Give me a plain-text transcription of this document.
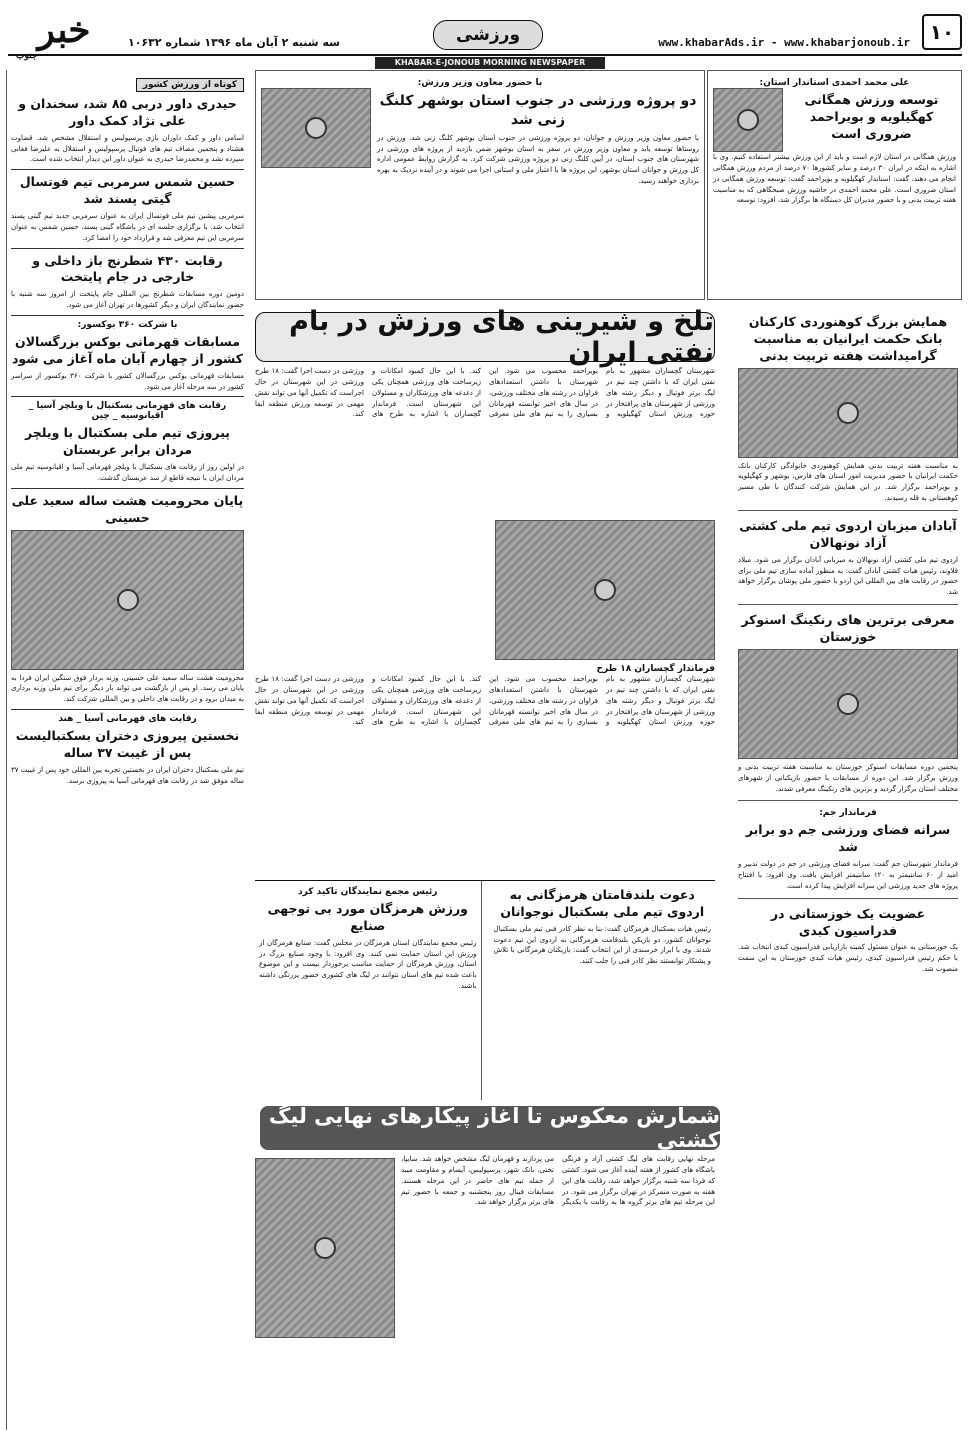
۱۰
www.khabarAds.ir - www.khabarjonoub.ir
ورزشی
سه شنبه ۲ آبان ماه ۱۳۹۶ شماره ۱۰۶۳۲
خبر
جنوب
KHABAR-E-JONOUB MORNING NEWSPAPER
علی محمد احمدی استاندار استان:
توسعه ورزش همگانی کهگیلویه و بویراحمد ضروری است
ورزش همگانی در استان لازم است و باید از این ورزش بیشتر استفاده کنیم. وی با اشاره به اینکه در ایران ۳۰ درصد و سایر کشورها ۷۰ درصد از مردم ورزش همگانی انجام می دهند، گفت: استاندار کهگیلویه و بویراحمد گفت: توسعه ورزش همگانی در استان ضروری است. علی محمد احمدی در حاشیه ورزش صبحگاهی که به مناسبت هفته تربیت بدنی و با حضور مدیران کل دستگاه ها برگزار شد، افزود: توسعه
با حضور معاون وزیر ورزش:
دو پروژه ورزشی در جنوب استان بوشهر کلنگ زنی شد
با حضور معاون وزیر ورزش و جوانان، دو پروژه ورزشی در جنوب استان بوشهر کلنگ زنی شد. ورزش در روستاها توسعه یابد و معاون وزیر ورزش در سفر به استان بوشهر ضمن بازدید از پروژه های ورزشی در شهرستان های جنوب استان، در آیین کلنگ زنی دو پروژه ورزشی شرکت کرد. به گزارش روابط عمومی اداره کل ورزش و جوانان استان بوشهر، این پروژه ها با اعتبار ملی و استانی اجرا می شوند و در آینده نزدیک به بهره برداری خواهند رسید.
کوتاه از ورزش کشور
حیدری داور دربی ۸۵ شد، سخندان و علی نژاد کمک داور
اسامی داور و کمک داوران بازی پرسپولیس و استقلال مشخص شد. قضاوت هشتاد و پنجمین مصاف تیم های فوتبال پرسپولیس و استقلال به علیرضا فغانی سپرده نشد و محمدرضا حیدری به عنوان داور این دیدار انتخاب شده است.
حسین شمس سرمربی تیم فوتسال گیتی پسند شد
سرمربی پیشین تیم ملی فوتسال ایران به عنوان سرمربی جدید تیم گیتی پسند انتخاب شد. با برگزاری جلسه ای در باشگاه گیتی پسند، حسین شمس به عنوان سرمربی این تیم معرفی شد و قرارداد خود را امضا کرد.
رقابت ۴۳۰ شطرنج باز داخلی و خارجی در جام پایتخت
دومین دوره مسابقات شطرنج بین المللی جام پایتخت از امروز سه شنبه با حضور نمایندگان ایران و دیگر کشورها در تهران آغاز می شود.
با شرکت ۳۶۰ بوکسور:
مسابقات قهرمانی بوکس بزرگسالان کشور از چهارم آبان ماه آغاز می شود
مسابقات قهرمانی بوکس بزرگسالان کشور با شرکت ۳۶۰ بوکسور از سراسر کشور در سه مرحله آغاز می شود.
رقابت های قهرمانی بسکتبال با ویلچر آسیا _ اقیانوسیه _ چین
پیروزی تیم ملی بسکتبال با ویلچر مردان برابر عربستان
در اولین روز از رقابت های بسکتبال با ویلچر قهرمانی آسیا و اقیانوسیه تیم ملی مردان ایران با نتیجه قاطع از سد عربستان گذشت.
پایان محرومیت هشت ساله سعید علی حسینی
محرومیت هشت ساله سعید علی حسینی، وزنه بردار فوق سنگین ایران فردا به پایان می رسد. او پس از بازگشت می تواند بار دیگر برای تیم ملی وزنه برداری به میدان برود و در رقابت های داخلی و بین المللی شرکت کند.
رقابت های قهرمانی آسیا _ هند
نخستین پیروزی دختران بسکتبالیست پس از غیبت ۳۷ ساله
تیم ملی بسکتبال دختران ایران در نخستین تجربه بین المللی خود پس از غیبت ۳۷ ساله موفق شد در رقابت های قهرمانی آسیا به پیروزی برسد.
همایش بزرگ کوهنوردی کارکنان بانک حکمت ایرانیان به مناسبت گرامیداشت هفته تربیت بدنی
به مناسبت هفته تربیت بدنی همایش کوهنوردی خانوادگی کارکنان بانک حکمت ایرانیان با حضور مدیریت امور استان های فارس، بوشهر و کهگیلویه و بویراحمد برگزار شد. در این همایش شرکت کنندگان با طی مسیر کوهستانی به قله رسیدند.
آبادان میزبان اردوی تیم ملی کشتی آزاد نونهالان
اردوی تیم ملی کشتی آزاد نونهالان به میزبانی آبادان برگزار می شود. میلاد قلاوند، رئیس هیات کشتی آبادان گفت: به منظور آماده سازی تیم ملی برای حضور در رقابت های بین المللی این اردو با حضور ملی پوشان برگزار خواهد شد.
معرفی برترین های رنکینگ اسنوکر خوزستان
پنجمین دوره مسابقات اسنوکر خوزستان به مناسبت هفته تربیت بدنی و ورزش برگزار شد. این دوره از مسابقات با حضور بازیکنانی از شهرهای مختلف استان برگزار گردید و برترین های رنکینگ معرفی شدند.
فرماندار جم:
سرانه فضای ورزشی جم دو برابر شد
فرماندار شهرستان جم گفت: سرانه فضای ورزشی در جم در دولت تدبیر و امید از ۶۰ سانتیمتر به ۱۲۰ سانتیمتر افزایش یافت. وی افزود: با افتتاح پروژه های جدید ورزشی این سرانه افزایش پیدا کرده است.
عضویت یک خوزستانی در فدراسیون کبدی
یک خوزستانی به عنوان مسئول کمیته بازاریابی فدراسیون کبدی انتخاب شد. با حکم رئیس فدراسیون کبدی، رئیس هیات کبدی خوزستان به این سمت منصوب شد.
تلخ و شیرینی های ورزش در بام نفتی ایران
شهرستان گچساران مشهور به بام نفتی ایران که با داشتن چند تیم در لیگ برتر فوتبال و دیگر رشته های ورزشی از شهرستان های پرافتخار در حوزه ورزش استان کهگیلویه و بویراحمد محسوب می شود. این شهرستان با داشتن استعدادهای فراوان در رشته های مختلف ورزشی، در سال های اخیر توانسته قهرمانان بسیاری را به تیم های ملی معرفی کند. با این حال کمبود امکانات و زیرساخت های ورزشی همچنان یکی از دغدغه های ورزشکاران و مسئولان این شهرستان است. فرماندار گچساران با اشاره به طرح های ورزشی در دست اجرا گفت: ۱۸ طرح ورزشی در این شهرستان در حال اجراست که تکمیل آنها می تواند نقش مهمی در توسعه ورزش منطقه ایفا کند.
فرماندار گچساران ۱۸ طرح
شهرستان گچساران مشهور به بام نفتی ایران که با داشتن چند تیم در لیگ برتر فوتبال و دیگر رشته های ورزشی از شهرستان های پرافتخار در حوزه ورزش استان کهگیلویه و بویراحمد محسوب می شود. این شهرستان با داشتن استعدادهای فراوان در رشته های مختلف ورزشی، در سال های اخیر توانسته قهرمانان بسیاری را به تیم های ملی معرفی کند. با این حال کمبود امکانات و زیرساخت های ورزشی همچنان یکی از دغدغه های ورزشکاران و مسئولان این شهرستان است. فرماندار گچساران با اشاره به طرح های ورزشی در دست اجرا گفت: ۱۸ طرح ورزشی در این شهرستان در حال اجراست که تکمیل آنها می تواند نقش مهمی در توسعه ورزش منطقه ایفا کند.
دعوت بلندقامتان هرمزگانی به اردوی تیم ملی بسکتبال نوجوانان
رئیس هیات بسکتبال هرمزگان گفت: بنا به نظر کادر فنی تیم ملی بسکتبال نوجوانان کشور، دو بازیکن بلندقامت هرمزگانی به اردوی این تیم دعوت شدند. وی با ابراز خرسندی از این انتخاب گفت: بازیکنان هرمزگانی با تلاش و پشتکار توانستند نظر کادر فنی را جلب کنند.
رئیس مجمع نمایندگان تاکید کرد
ورزش هرمزگان مورد بی توجهی صنایع
رئیس مجمع نمایندگان استان هرمزگان در مجلس گفت: صنایع هرمزگان از ورزش این استان حمایت نمی کنند. وی افزود: با وجود صنایع بزرگ در استان، ورزش هرمزگان از حمایت مناسب برخوردار نیست و این موضوع باعث شده تیم های استان نتوانند در لیگ های کشوری حضور پررنگی داشته باشند.
شمارش معکوس تا آغاز پیکارهای نهایی لیگ کشتی
مرحله نهایی رقابت های لیگ کشتی آزاد و فرنگی باشگاه های کشور از هفته آینده آغاز می شود. کشتی که فردا سه شنبه برگزار خواهد شد، رقابت های این هفته به صورت متمرکز در تهران برگزار می شود. در این مرحله تیم های برتر گروه ها به رقابت با یکدیگر می پردازند و قهرمان لیگ مشخص خواهد شد. سایپا، تختی، بانک شهر، پرسپولیس، آیسام و مقاومت میبد از جمله تیم های حاضر در این مرحله هستند. مسابقات فینال روز پنجشنبه و جمعه با حضور تیم های برتر برگزار خواهد شد.
